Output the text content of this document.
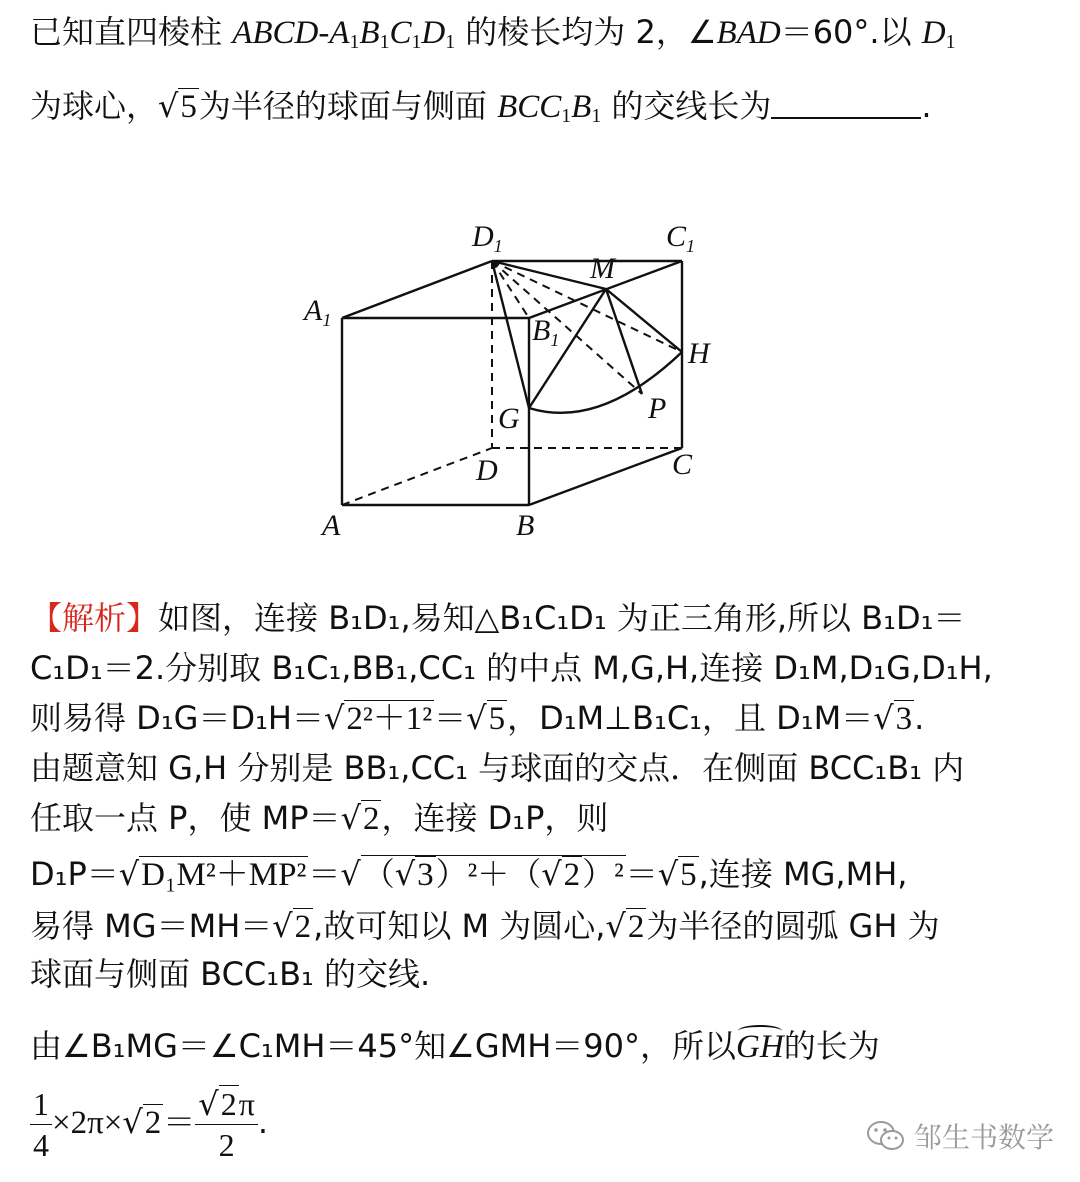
已知直四棱柱 ABCD-$A_1B_1C_1D_1$ 的棱长均为 2，∠BAD＝60°.以 $D_1$
为球心，√5为半径的球面与侧面 $BCC_1B_1$ 的交线长为	.
$D_1$	$C_1$
M
$A_1$	$B_1$	H
G	P
D	C
A	B
【解析】如图，连接 B₁D₁,易知△B₁C₁D₁ 为正三角形,所以 B₁D₁＝
C₁D₁＝2.分别取 B₁C₁,BB₁,CC₁ 的中点 M,G,H,连接 D₁M,D₁G,D₁H,
则易得 D₁G＝D₁H＝√2²＋1²＝√5，D₁M⊥B₁C₁，且 D₁M＝√3.
由题意知 G,H 分别是 BB₁,CC₁ 与球面的交点．在侧面 BCC₁B₁ 内
任取一点 P，使 MP＝√2，连接 D₁P，则
D₁P＝√D₁M²＋MP²＝√（√3）²＋（√2）²＝√5,连接 MG,MH,
易得 MG＝MH＝√2,故可知以 M 为圆心,√2为半径的圆弧 GH 为
球面与侧面 BCC₁B₁ 的交线.
由∠B₁MG＝∠C₁MH＝45°知∠GMH＝90°，所以GH的长为
$\frac{1}{4} \times 2\pi\times√2= \frac{√2\pi}{2}$ .	邹生书数学
